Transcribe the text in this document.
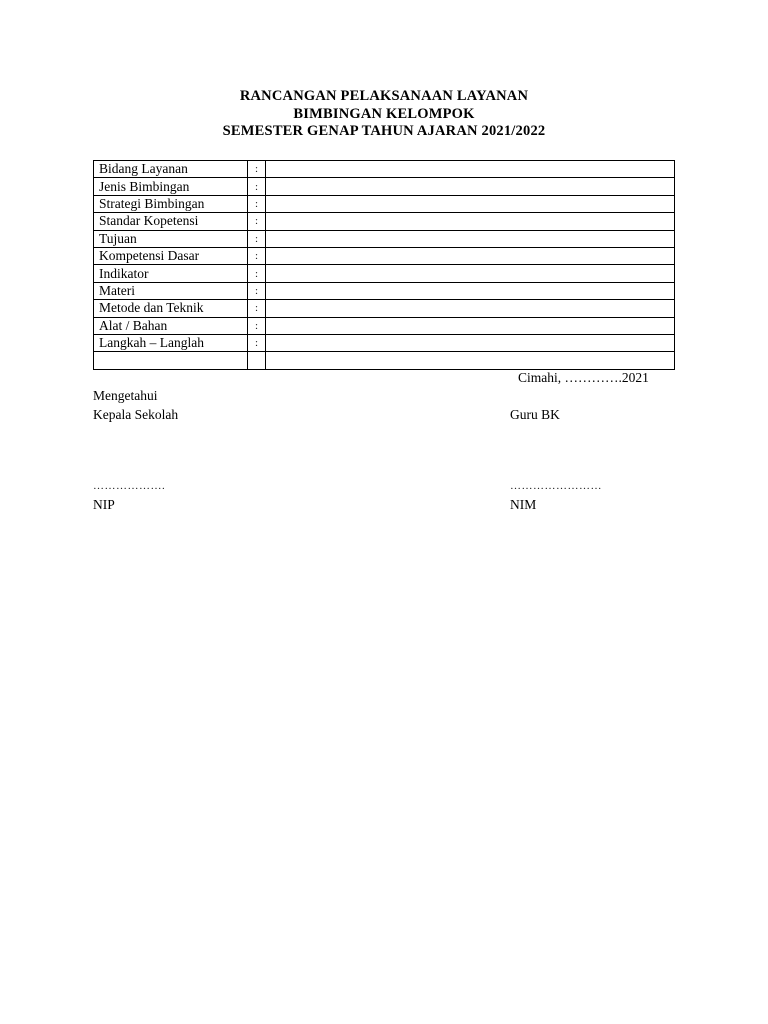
RANCANGAN PELAKSANAAN LAYANAN
BIMBINGAN KELOMPOK
SEMESTER GENAP TAHUN AJARAN 2021/2022
Bidang Layanan	:	
Jenis Bimbingan	:	
Strategi Bimbingan	:	
Standar Kopetensi	:	
Tujuan	:	
Kompetensi Dasar	:	
Indikator	:	
Materi	:	
Metode dan Teknik	:	
Alat / Bahan	:	
Langkah – Langlah	:	

Cimahi, ………….2021
Mengetahui
Kepala Sekolah	Guru BK
……………….	……………………
NIP	NIM
